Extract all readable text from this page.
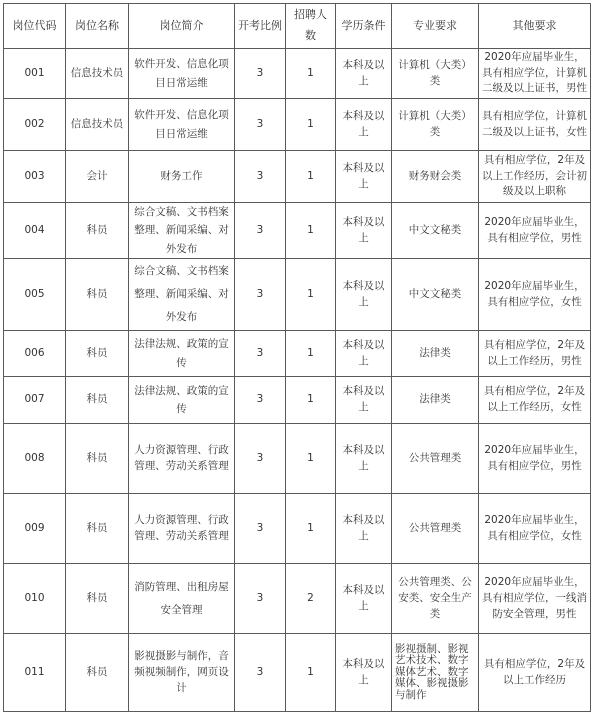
岗位代码	岗位名称	岗位简介	开考比例	招聘人数	学历条件	专业要求	其他要求
001	信息技术员	软件开发、信息化项目日常运维	3	1	本科及以上	计算机（大类）类	2020年应届毕业生，具有相应学位，计算机二级及以上证书，男性
002	信息技术员	软件开发、信息化项目日常运维	3	1	本科及以上	计算机（大类）类	具有相应学位，计算机二级及以上证书，女性
003	会计	财务工作	3	1	本科及以上	财务财会类	具有相应学位，2年及以上工作经历，会计初级及以上职称
004	科员	综合文稿、文书档案整理、新闻采编、对外发布	3	1	本科及以上	中文文秘类	2020年应届毕业生，具有相应学位，男性
005	科员	综合文稿、文书档案整理、新闻采编、对外发布	3	1	本科及以上	中文文秘类	2020年应届毕业生，具有相应学位，女性
006	科员	法律法规、政策的宣传	3	1	本科及以上	法律类	具有相应学位，2年及以上工作经历，男性
007	科员	法律法规、政策的宣传	3	1	本科及以上	法律类	具有相应学位，2年及以上工作经历，女性
008	科员	人力资源管理、行政管理、劳动关系管理	3	1	本科及以上	公共管理类	2020年应届毕业生，具有相应学位，男性
009	科员	人力资源管理、行政管理、劳动关系管理	3	1	本科及以上	公共管理类	2020年应届毕业生，具有相应学位，女性
010	科员	消防管理、出租房屋安全管理	3	2	本科及以上	公共管理类、公安类、安全生产类	2020年应届毕业生，具有相应学位，一线消防安全管理，男性
011	科员	影视摄影与制作，音频视频制作，网页设计	3	1	本科及以上	影视摄制、影视艺术技术、数字媒体艺术、数字媒体、影视摄影与制作	具有相应学位，2年及以上工作经历
